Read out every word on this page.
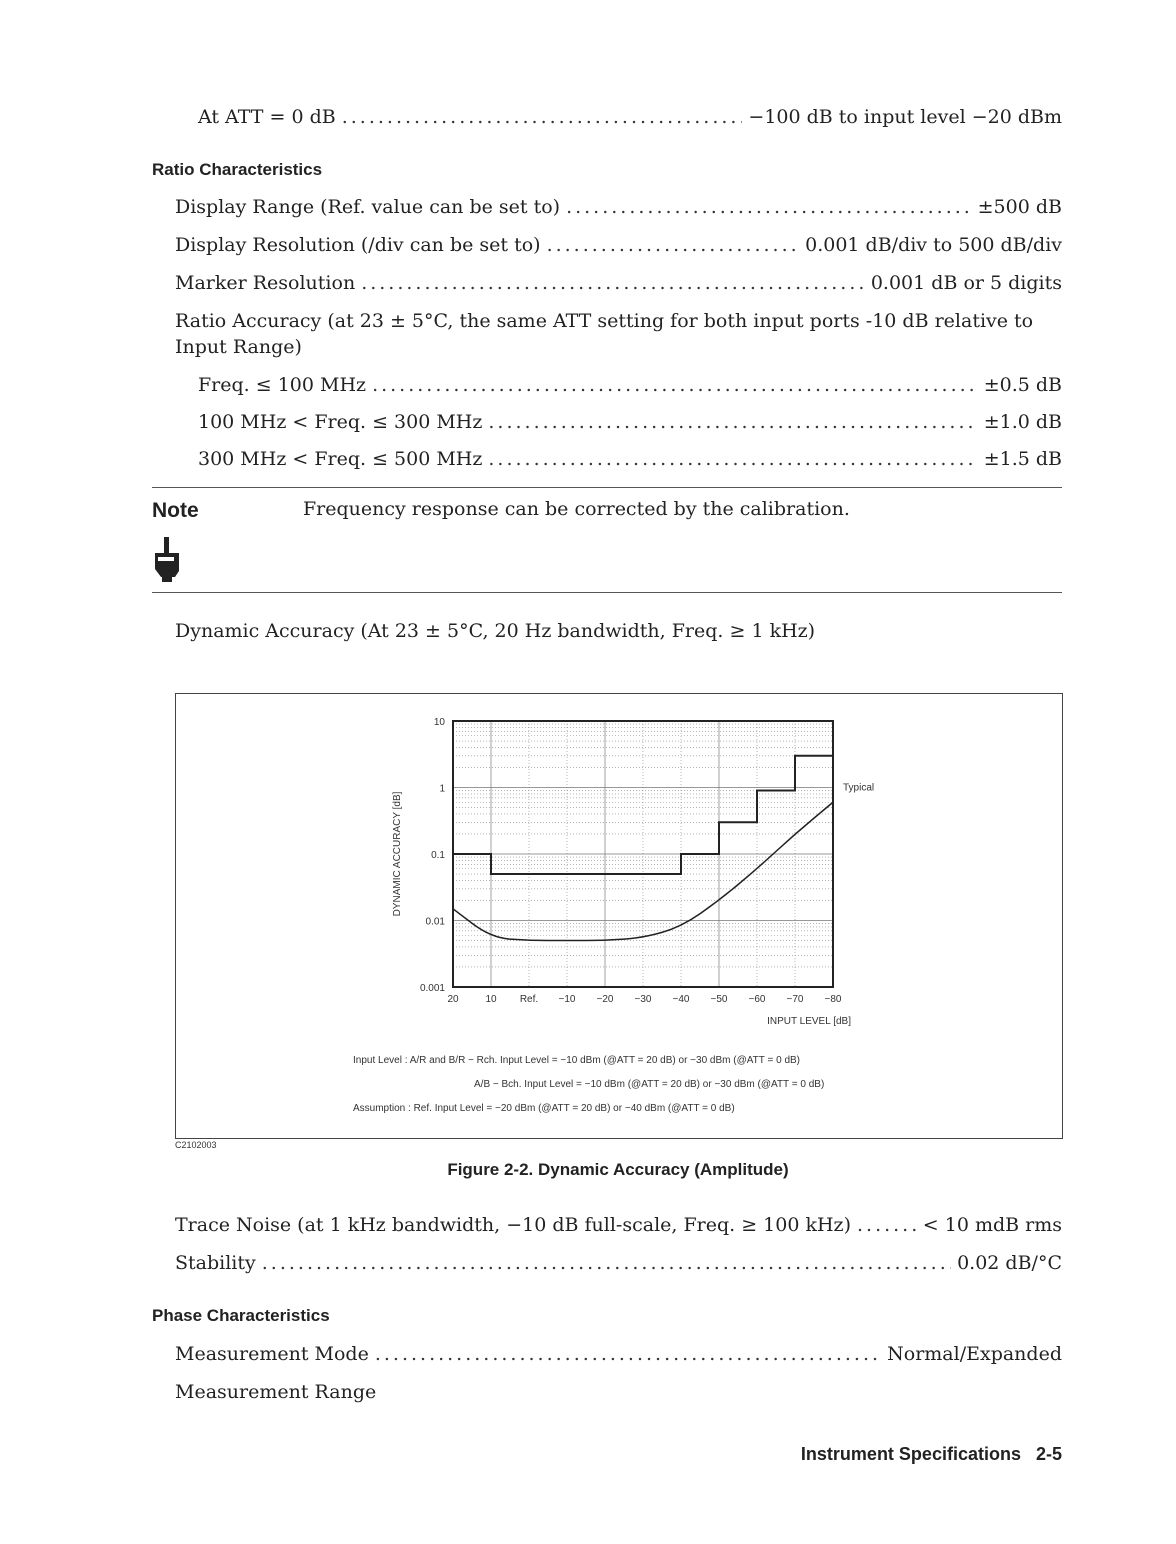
At ATT = 0 dB .....	−100 dB to input level −20 dBm
Ratio Characteristics
Display Range (Ref. value can be set to) .....	±500 dB
Display Resolution (/div can be set to) .....	0.001 dB/div to 500 dB/div
Marker Resolution .....	0.001 dB or 5 digits
Ratio Accuracy (at 23 ± 5°C, the same ATT setting for both input ports -10 dB relative to
Input Range)
Freq. ≤ 100 MHz .....	±0.5 dB
100 MHz < Freq. ≤ 300 MHz .....	±1.0 dB
300 MHz < Freq. ≤ 500 MHz .....	±1.5 dB
Note	Frequency response can be corrected by the calibration.
Dynamic Accuracy (At 23 ± 5°C, 20 Hz bandwidth, Freq. ≥ 1 kHz)
20	10 Ref. −10 −20 −30 −40 −50 −60 −70 −80
10
1
0.1
0.01
0.001
Typical
INPUT LEVEL [dB]
DYNAMIC ACCURACY [dB]
Input Level : A/R and B/R − Rch. Input Level = −10 dBm (@ATT = 20 dB) or −30 dBm (@ATT = 0 dB)
A/B − Bch. Input Level = −10 dBm (@ATT = 20 dB) or −30 dBm (@ATT = 0 dB)
Assumption : Ref. Input Level = −20 dBm (@ATT = 20 dB) or −40 dBm (@ATT = 0 dB)
C2102003
Figure 2-2. Dynamic Accuracy (Amplitude)
Trace Noise (at 1 kHz bandwidth, −10 dB full-scale, Freq. ≥ 100 kHz) .....	< 10 mdB rms
Stability .....	0.02 dB/°C
Phase Characteristics
Measurement Mode .....	Normal/Expanded
Measurement Range
Instrument Specifications 2-5
